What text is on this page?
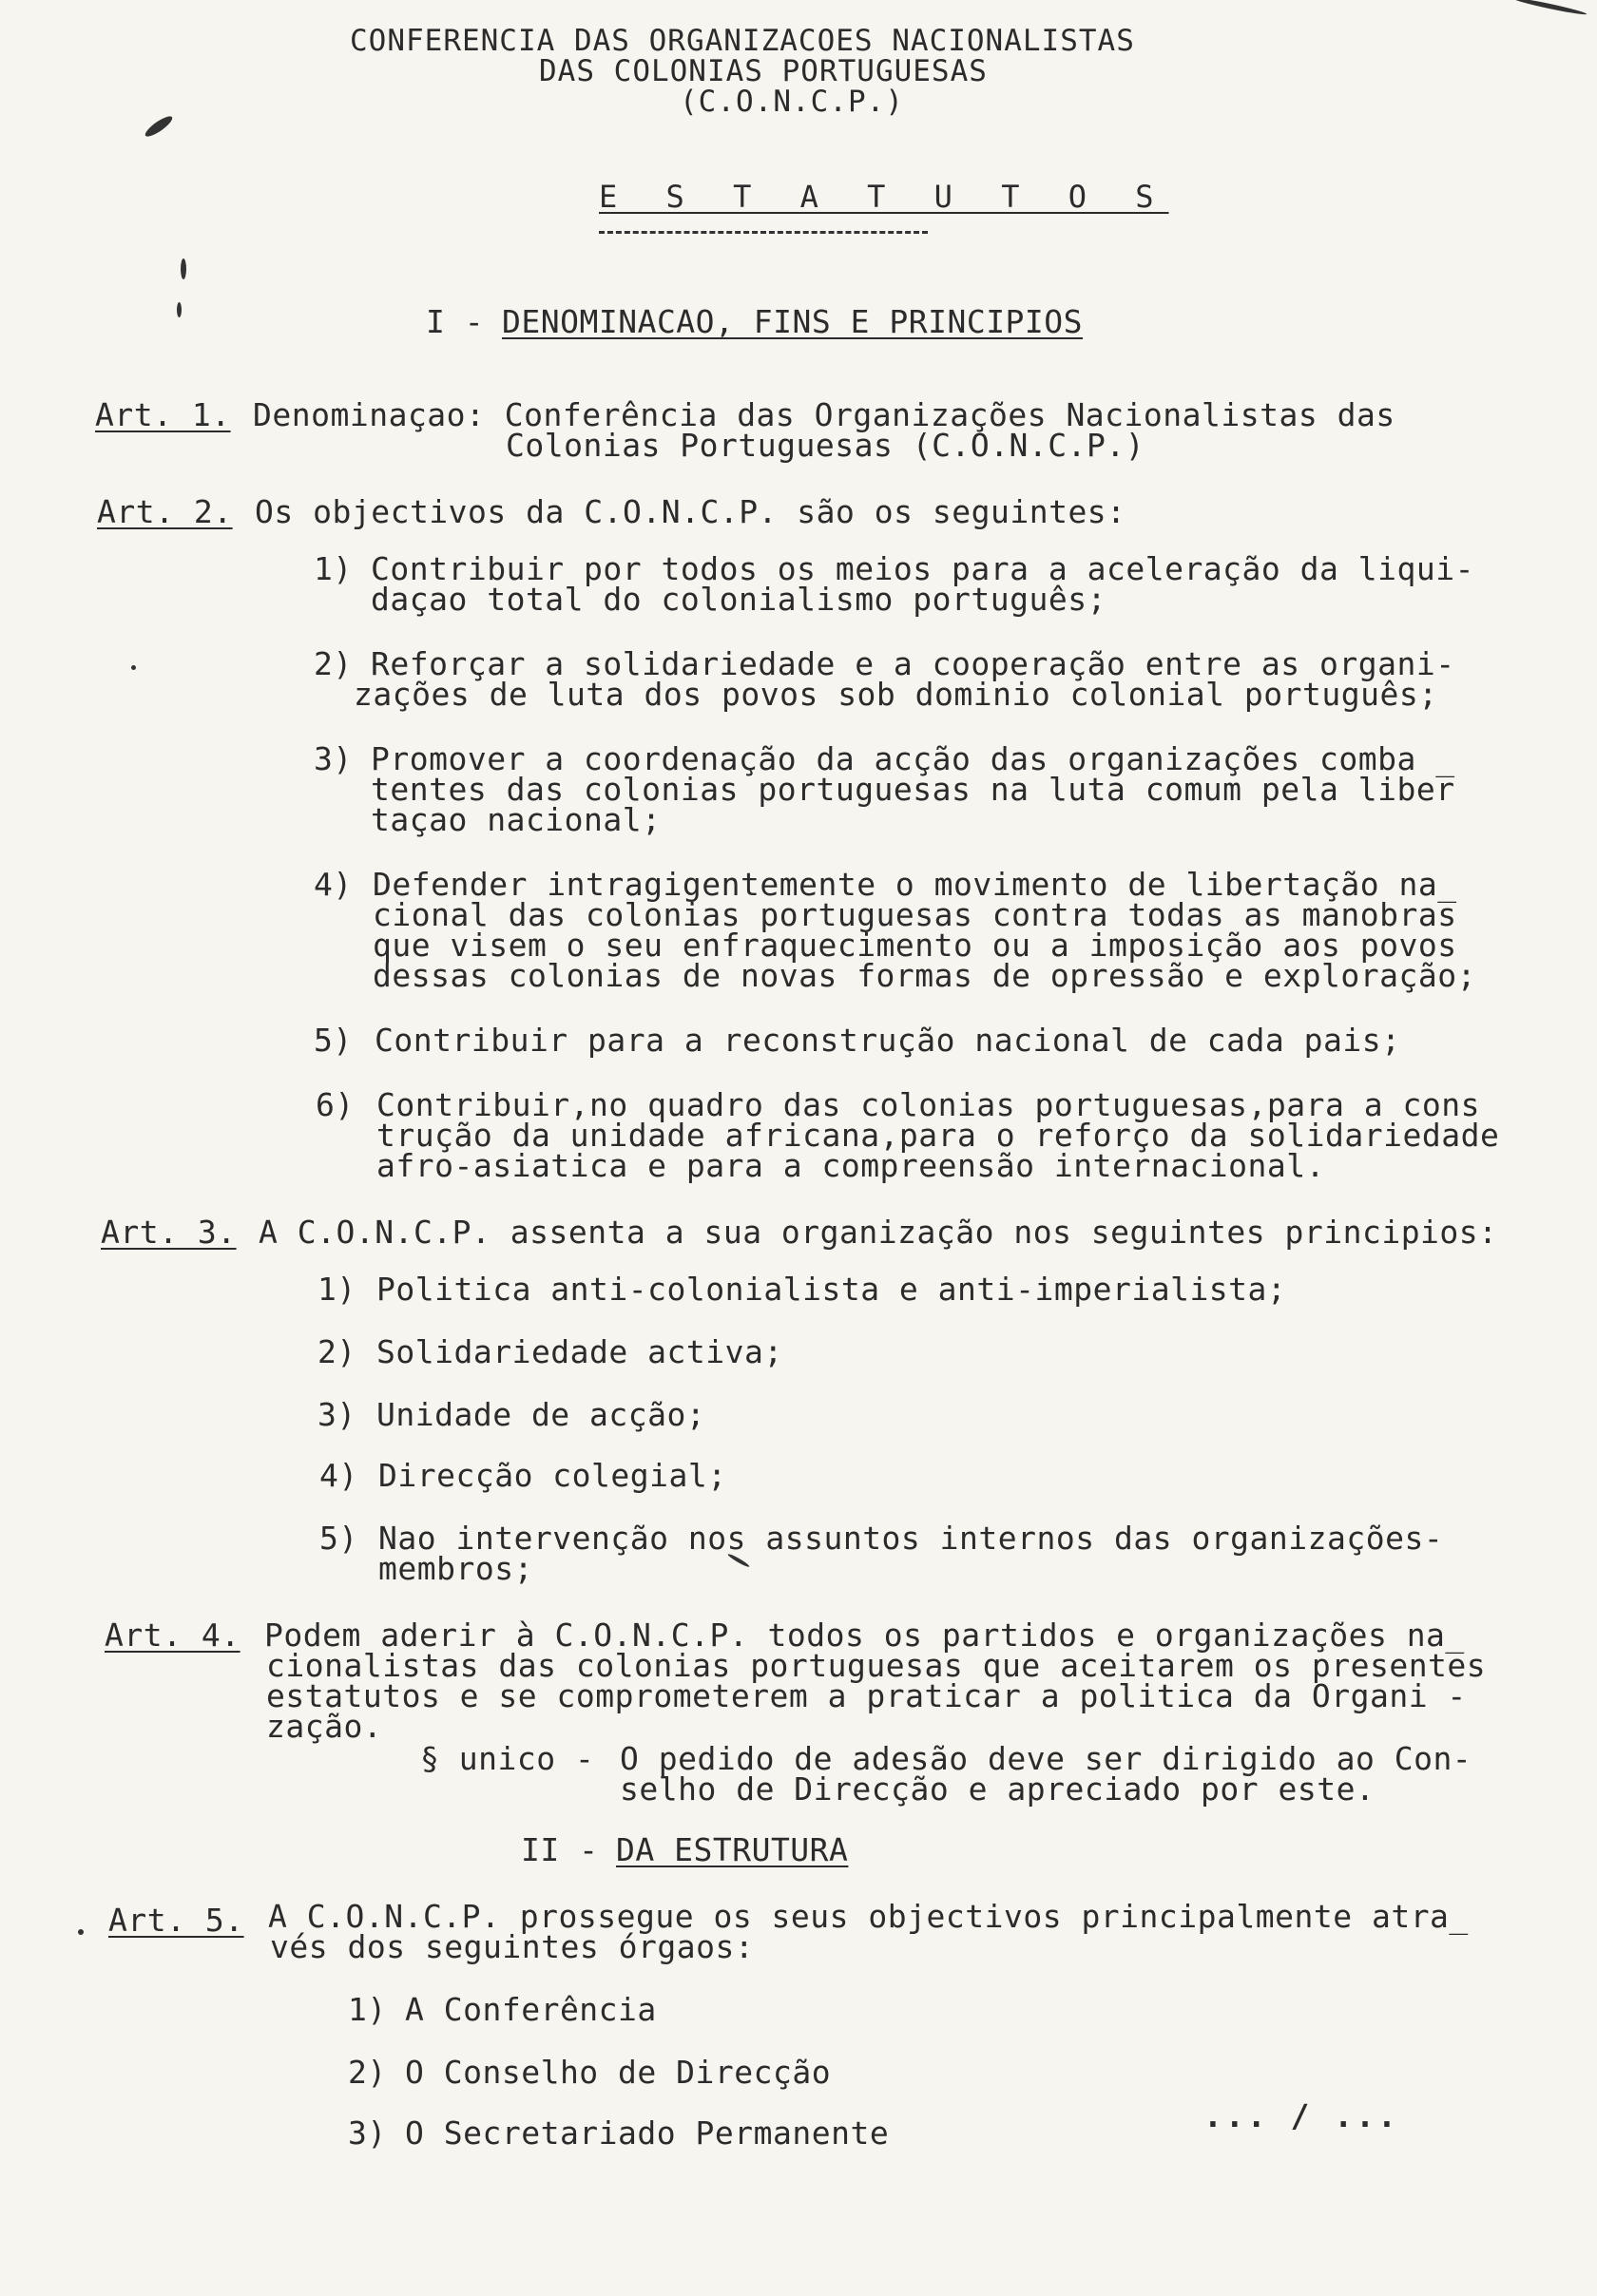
CONFERENCIA DAS ORGANIZACOES NACIONALISTAS
DAS COLONIAS PORTUGUESAS
(C.O.N.C.P.)
E S T A T U T O S
I - DENOMINACAO, FINS E PRINCIPIOS
Art. 1. Denominaçao: Conferência das Organizações Nacionalistas das
Colonias Portuguesas (C.O.N.C.P.)
Art. 2. Os objectivos da C.O.N.C.P. são os seguintes:
1) Contribuir por todos os meios para a aceleração da liqui-
daçao total do colonialismo português;
2) Reforçar a solidariedade e a cooperação entre as organi-
zações de luta dos povos sob dominio colonial português;
3) Promover a coordenação da acção das organizações comba _
tentes das colonias portuguesas na luta comum pela liber
taçao nacional;
4) Defender intragigentemente o movimento de libertação na_
cional das colonias portuguesas contra todas as manobras
que visem o seu enfraquecimento ou a imposição aos povos
dessas colonias de novas formas de opressão e exploração;
5) Contribuir para a reconstrução nacional de cada pais;
6) Contribuir,no quadro das colonias portuguesas,para a cons
trução da unidade africana,para o reforço da solidariedade
afro-asiatica e para a compreensão internacional.
Art. 3. A C.O.N.C.P. assenta a sua organização nos seguintes principios:
1) Politica anti-colonialista e anti-imperialista;
2) Solidariedade activa;
3) Unidade de acção;
4) Direcção colegial;
5) Nao intervenção nos assuntos internos das organizações-
membros;
Art. 4. Podem aderir à C.O.N.C.P. todos os partidos e organizações na_
cionalistas das colonias portuguesas que aceitarem os presentes
estatutos e se comprometerem a praticar a politica da Organi -
zação.
§ unico - O pedido de adesão deve ser dirigido ao Con-
selho de Direcção e apreciado por este.
II - DA ESTRUTURA
Art. 5. A C.O.N.C.P. prossegue os seus objectivos principalmente atra_
vés dos seguintes órgaos:
1) A Conferência
2) O Conselho de Direcção
3) O Secretariado Permanente	... / ...
